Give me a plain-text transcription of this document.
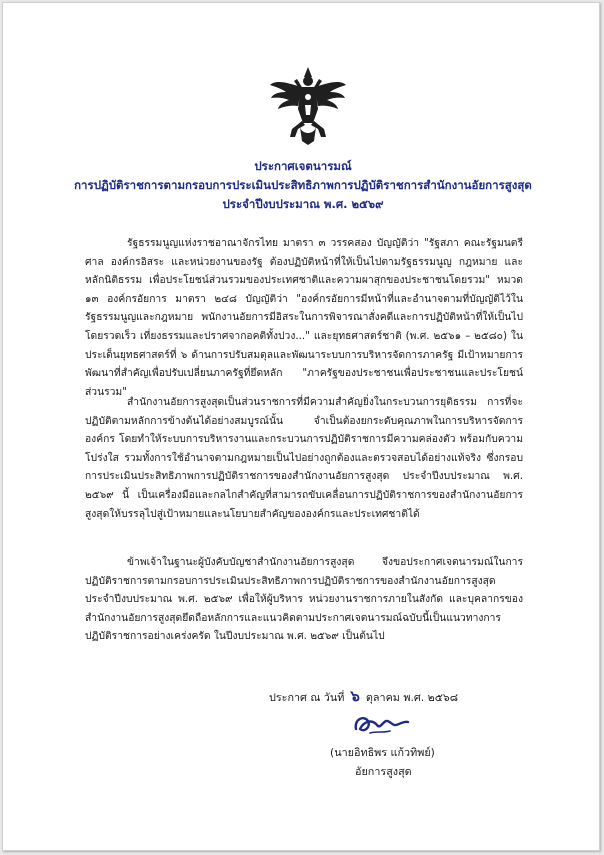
ประกาศเจตนารมณ์
การปฏิบัติราชการตามกรอบการประเมินประสิทธิภาพการปฏิบัติราชการสำนักงานอัยการสูงสุด
ประจำปีงบประมาณ พ.ศ. ๒๕๖๙

รัฐธรรมนูญแห่งราชอาณาจักรไทย มาตรา ๓ วรรคสอง บัญญัติว่า "รัฐสภา คณะรัฐมนตรี ศาล องค์กรอิสระ และหน่วยงานของรัฐ ต้องปฏิบัติหน้าที่ให้เป็นไปตามรัฐธรรมนูญ กฎหมาย และหลักนิติธรรม เพื่อประโยชน์ส่วนรวมของประเทศชาติและความผาสุกของประชาชนโดยรวม" หมวด ๑๓ องค์กรอัยการ มาตรา ๒๔๘ บัญญัติว่า "องค์กรอัยการมีหน้าที่และอำนาจตามที่บัญญัติไว้ในรัฐธรรมนูญและกฎหมาย พนักงานอัยการมีอิสระในการพิจารณาสั่งคดีและการปฏิบัติหน้าที่ให้เป็นไปโดยรวดเร็ว เที่ยงธรรมและปราศจากอคติทั้งปวง..." และยุทธศาสตร์ชาติ (พ.ศ. ๒๕๖๑ – ๒๕๘๐) ในประเด็นยุทธศาสตร์ที่ ๖ ด้านการปรับสมดุลและพัฒนาระบบการบริหารจัดการภาครัฐ มีเป้าหมายการพัฒนาที่สำคัญเพื่อปรับเปลี่ยนภาครัฐที่ยึดหลัก "ภาครัฐของประชาชนเพื่อประชาชนและประโยชน์ส่วนรวม"

สำนักงานอัยการสูงสุดเป็นส่วนราชการที่มีความสำคัญยิ่งในกระบวนการยุติธรรม การที่จะปฏิบัติตามหลักการข้างต้นได้อย่างสมบูรณ์นั้น จำเป็นต้องยกระดับคุณภาพในการบริหารจัดการองค์กร โดยทำให้ระบบการบริหารงานและกระบวนการปฏิบัติราชการมีความคล่องตัว พร้อมกับความโปร่งใส รวมทั้งการใช้อำนาจตามกฎหมายเป็นไปอย่างถูกต้องและตรวจสอบได้อย่างแท้จริง ซึ่งกรอบการประเมินประสิทธิภาพการปฏิบัติราชการของสำนักงานอัยการสูงสุด ประจำปีงบประมาณ พ.ศ. ๒๕๖๙ นี้ เป็นเครื่องมือและกลไกสำคัญที่สามารถขับเคลื่อนการปฏิบัติราชการของสำนักงานอัยการสูงสุดให้บรรลุไปสู่เป้าหมายและนโยบายสำคัญขององค์กรและประเทศชาติได้

ข้าพเจ้าในฐานะผู้บังคับบัญชาสำนักงานอัยการสูงสุด จึงขอประกาศเจตนารมณ์ในการปฏิบัติราชการตามกรอบการประเมินประสิทธิภาพการปฏิบัติราชการของสำนักงานอัยการสูงสุด ประจำปีงบประมาณ พ.ศ. ๒๕๖๙ เพื่อให้ผู้บริหาร หน่วยงานราชการภายในสังกัด และบุคลากรของสำนักงานอัยการสูงสุดยึดถือหลักการและแนวคิดตามประกาศเจตนารมณ์ฉบับนี้เป็นแนวทางการปฏิบัติราชการอย่างเคร่งครัด ในปีงบประมาณ พ.ศ. ๒๕๖๙ เป็นต้นไป

ประกาศ ณ วันที่ ๖ ตุลาคม พ.ศ. ๒๕๖๘
(นายอิทธิพร แก้วทิพย์)
อัยการสูงสุด
